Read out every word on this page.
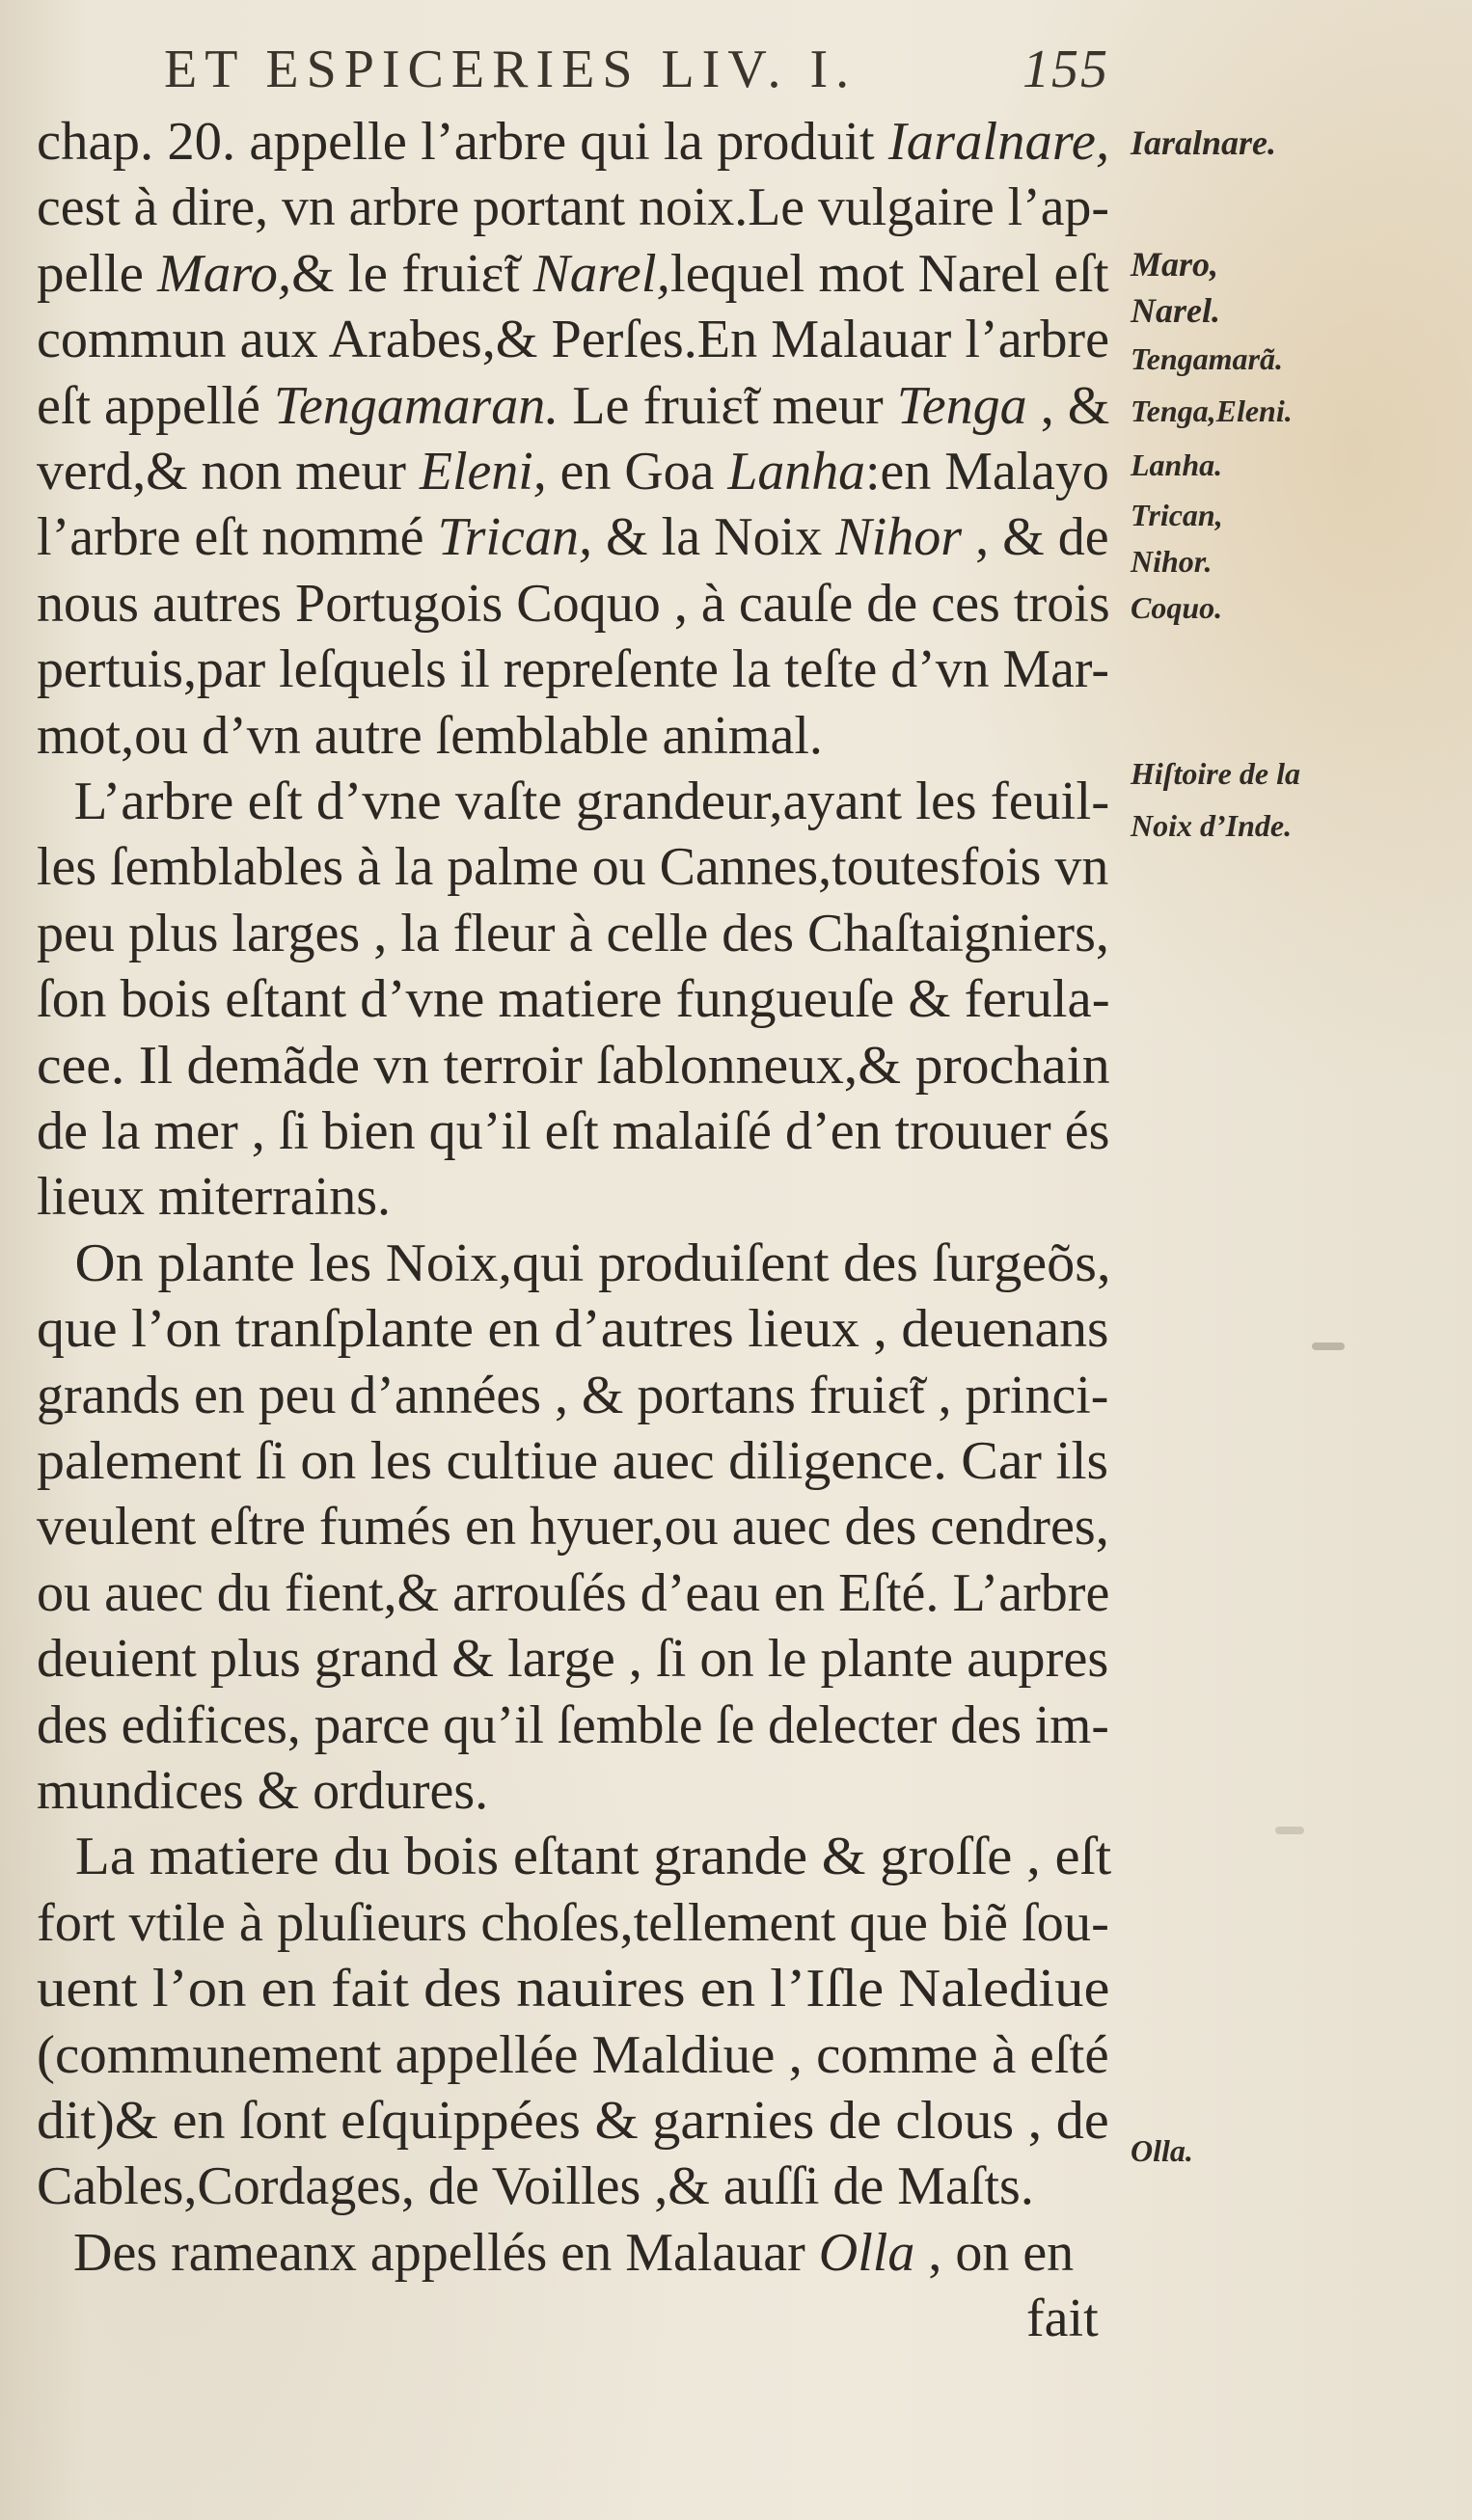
ET ESPICERIES LIV. I.	155
chap. 20. appelle l’arbre qui la produit Iaralnare,
cest à dire, vn arbre portant noix.Le vulgaire l’ap-
pelle Maro,& le fruiɛ̃t Narel,lequel mot Narel eſt
commun aux Arabes,& Perſes.En Malauar l’arbre
eſt appellé Tengamaran. Le fruiɛ̃t meur Tenga , &
verd,& non meur Eleni, en Goa Lanha:en Malayo
l’arbre eſt nommé Trican, & la Noix Nihor , & de
nous autres Portugois Coquo , à cauſe de ces trois
pertuis,par leſquels il repreſente la teſte d’vn Mar-
mot,ou d’vn autre ſemblable animal.
L’arbre eſt d’vne vaſte grandeur,ayant les feuil-
les ſemblables à la palme ou Cannes,toutesfois vn
peu plus larges , la fleur à celle des Chaſtaigniers,
ſon bois eſtant d’vne matiere fungueuſe & ferula-
cee. Il demãde vn terroir ſablonneux,& prochain
de la mer , ſi bien qu’il eſt malaiſé d’en trouuer és
lieux miterrains.
On plante les Noix,qui produiſent des ſurgeõs,
que l’on tranſplante en d’autres lieux , deuenans
grands en peu d’années , & portans fruiɛ̃t , princi-
palement ſi on les cultiue auec diligence. Car ils
veulent eſtre fumés en hyuer,ou auec des cendres,
ou auec du fient,& arrouſés d’eau en Eſté. L’arbre
deuient plus grand & large , ſi on le plante aupres
des edifices, parce qu’il ſemble ſe delecter des im-
mundices & ordures.
La matiere du bois eſtant grande & groſſe , eſt
fort vtile à pluſieurs choſes,tellement que biẽ ſou-
uent l’on en fait des nauires en l’Iſle Nalediue
(communement appellée Maldiue , comme à eſté
dit)& en ſont eſquippées & garnies de clous , de
Cables,Cordages, de Voilles ,& auſſi de Maſts.
Des rameanx appellés en Malauar Olla , on en
fait
Iaralnare.
Maro,
Narel.
Tengamarã.
Tenga,Eleni.
Lanha.
Trican,
Nihor.
Coquo.
Hiſtoire de la
Noix d’Inde.
Olla.
